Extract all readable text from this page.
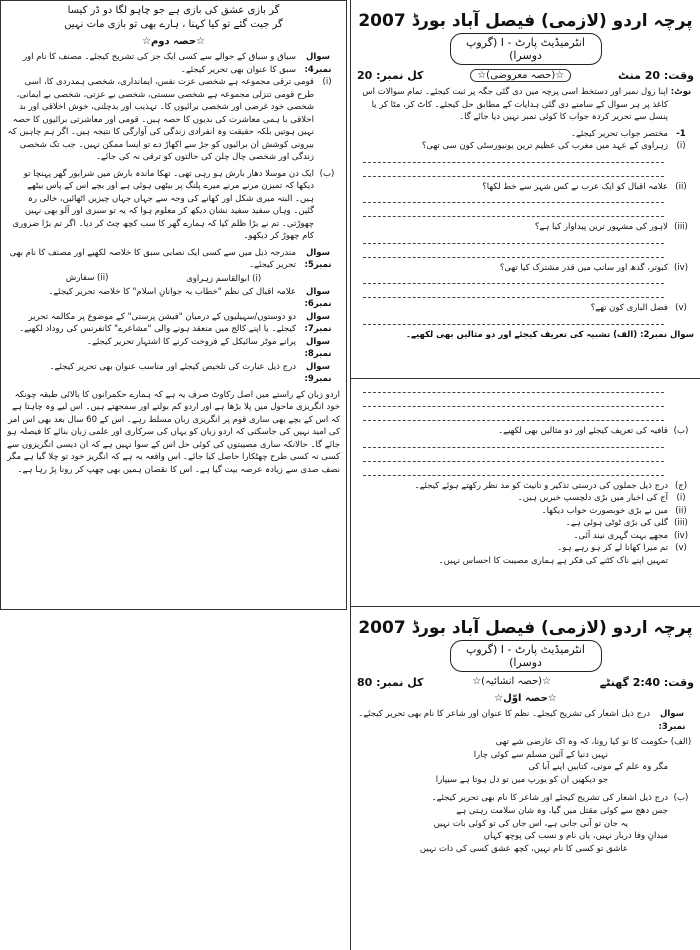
گر بازی عشق کی بازی ہے جو چاہو لگا دو ڈر کیسا

گر جیت گئے تو کیا کہنا ، ہارے بھی تو بازی مات نہیں

☆حصہ دوم☆

سوال نمبر4:
سیاق و سباق کے حوالے سے کسی ایک جز کی تشریح کیجئے۔ مصنف کا نام اور سبق کا عنوان بھی تحریر کیجئے۔
(i)
قومی ترقی مجموعہ ہے شخصی عزت نفس، ایمانداری، شخصی ہمدردی کا، اسی طرح قومی تنزلی مجموعہ ہے شخصی سستی، شخصی بے عزتی، شخصی بے ایمانی، شخصی خود غرضی اور شخصی برائیوں کا۔ تہذیب اور بدچلنی، خوش اخلاقی اور بد اخلاقی با ہمی معاشرت کی بدیوں کا حصہ ہیں۔ قومی اور معاشرتی برائیوں کا حصہ نہیں ہوتیں بلکہ حقیقت وہ انفرادی زندگی کی آوارگی کا نتیجہ ہیں۔ اگر ہم چاہیں کہ بیرونی کوشش ان برائیوں کو جڑ سے اکھاڑ دے تو ایسا ممکن نہیں۔ جب تک شخصی زندگی اور شخصی چال چلن کی حالتوں کو ترقی نہ کی جائے۔
(ب)
ایک دن موسلا دھار بارش ہو رہی تھی۔ تھکا ماندہ بارش میں شرابور گھر پہنچا تو دیکھا کہ تمیزن مرنے مرنے میرے پلنگ پر بیٹھی ہوئی ہے اور بچے اس کے پاس بیٹھے ہیں۔ البتہ میری شکل اور کھانے کی وجہ سے جہاں جہاں چیزیں اٹھائیں، خالی رہ گئیں۔ وہاں سفید سفید نشان دیکھ کر معلوم ہوا کہ یہ تو سبزی اور آلو بھی نہیں چھوڑتی۔ تم نے بڑا ظلم کیا کہ ہمارے گھر کا سب کچھ چٹ کر دیا۔ اگر تم بڑا ضروری کام چھوڑ کر دیکھو۔
سوال نمبر5:
مندرجہ ذیل میں سے کسی ایک نصابی سبق کا خلاصہ لکھیے اور مصنف کا نام بھی تحریر کیجئے۔
(i) ابوالقاسم زہراوی
(ii) سفارش
سوال نمبر6:
علامہ اقبال کی نظم "خطاب بہ جوانانِ اسلام" کا خلاصہ تحریر کیجئے۔
سوال نمبر7:
دو دوستوں/سہیلیوں کے درمیان "فیشن پرستی" کے موضوع پر مکالمہ تحریر کیجئے۔ یا اپنے کالج میں منعقد ہونے والی "مشاعرے" کانفرنس کی روداد لکھیے۔
سوال نمبر8:
پرانے موٹر سائیکل کے فروخت کرنے کا اشتہار تحریر کیجئے۔
سوال نمبر9:
درج ذیل عبارت کی تلخیص کیجئے اور مناسب عنوان بھی تحریر کیجئے۔

اردو زبان کے راستے میں اصل رکاوٹ صرف یہ ہے کہ ہمارے حکمرانوں کا بالائی طبقہ چونکہ خود انگریزی ماحول میں پلا بڑھا ہے اور اردو کم بولتے اور سمجھتے ہیں۔ اس لیے وہ چاہتا ہے کہ اس کے بچے بھی ساری قوم پر انگریزی زبان مسلط رہے۔ اس کے 60 سال بعد بھی اس امر کی امید نہیں کی جاسکتی کہ اردو زبان کو یہاں کی سرکاری اور علمی زبان بنائے کا فیصلہ ہو جائے گا۔ حالانکہ ساری مصیبتوں کی کوئی حل اس کے سوا نہیں ہے کہ ان دیسی انگریزوں سے کسی نہ کسی طرح چھٹکارا حاصل کیا جائے۔ اس واقعہ یہ ہے کہ انگریز خود تو چلا گیا ہے مگر نصف صدی سے زیادہ عرصہ بیت گیا ہے۔ اس کا نقصان ہمیں بھی چھپ کر رونا پڑ رہا ہے۔

پرچہ اردو (لازمی) فیصل آباد بورڈ 2007

انٹرمیڈیٹ پارٹ - I (گروپ دوسرا)

وقت: 20 منٹ
☆(حصہ معروضی)☆
کل نمبر: 20
نوٹ:
اپنا رول نمبر اور دستخط اسی پرچہ میں دی گئی جگہ پر ثبت کیجئے۔ تمام سوالات اس کاغذ پر ہر سوال کے سامنے دی گئی ہدایات کے مطابق حل کیجئے۔ کاٹ کر، مٹا کر یا پنسل سے تحریر کردہ جواب کا کوئی نمبر نہیں دیا جائے گا۔
1-
مختصر جواب تحریر کیجئے۔
(i)
زہراوی کے عہد میں مغرب کی عظیم ترین یونیورسٹی کون سی تھی؟
(ii)
علامہ اقبال کو ایک عرب نے کس شہر سے خط لکھا؟
(iii)
لاہور کی مشہور ترین پیداوار کیا ہے؟
(iv)
کبوتر، گدھ اور سانپ میں قدر مشترک کیا تھی؟
(v)
فضل الباری کون تھے؟

سوال نمبر2: (الف) تشبیہ کی تعریف کیجئے اور دو مثالیں بھی لکھیے۔

(ب)
قافیہ کی تعریف کیجئے اور دو مثالیں بھی لکھیے۔
(ج)
درج ذیل جملوں کی درستی تذکیر و تانیث کو مد نظر رکھتے ہوئے کیجئے۔
(i)
آج کی اخبار میں بڑی دلچسپ خبریں ہیں۔
(ii)
میں نے بڑی خوبصورت خواب دیکھا۔
(iii)
گلی کی بڑی ٹوٹی ہوئی ہے۔
(iv)
مجھے بہت گہری نیند آئی۔
(v)
تم میرا کھانا لے کر ہو رہے ہو۔

تمہیں اپنے ناک کٹنے کی فکر ہے ہماری مصیبت کا احساس نہیں۔

پرچہ اردو (لازمی) فیصل آباد بورڈ 2007

انٹرمیڈیٹ پارٹ - I (گروپ دوسرا)

وقت: 2:40 گھنٹے
☆(حصہ انشائیہ)☆
کل نمبر: 80

☆حصہ اوّل☆

سوال نمبر3:
درج ذیل اشعار کی تشریح کیجئے۔ نظم کا عنوان اور شاعر کا نام بھی تحریر کیجئے۔
(الف)
حکومت کا تو کیا رونا، کہ وہ اک عارضی شے تھی
نہیں دنیا کے آئین مسلم سے کوئی چارا
مگر وہ علم کے موتی، کتابیں اپنے آبا کی
جو دیکھیں ان کو یورپ میں تو دل ہوتا ہے سیپارا
(ب)
درج ذیل اشعار کی تشریح کیجئے اور شاعر کا نام بھی تحریر کیجئے۔
جس دھج سے کوئی مقتل میں گیا، وہ شان سلامت رہتی ہے
یہ جان تو آنی جانی ہے، اس جاں کی تو کوئی بات نہیں
میدانِ وفا دربار نہیں، یاں نام و نسب کی پوچھ کہاں
عاشق تو کسی کا نام نہیں، کچھ عشق کسی کی ذات نہیں
